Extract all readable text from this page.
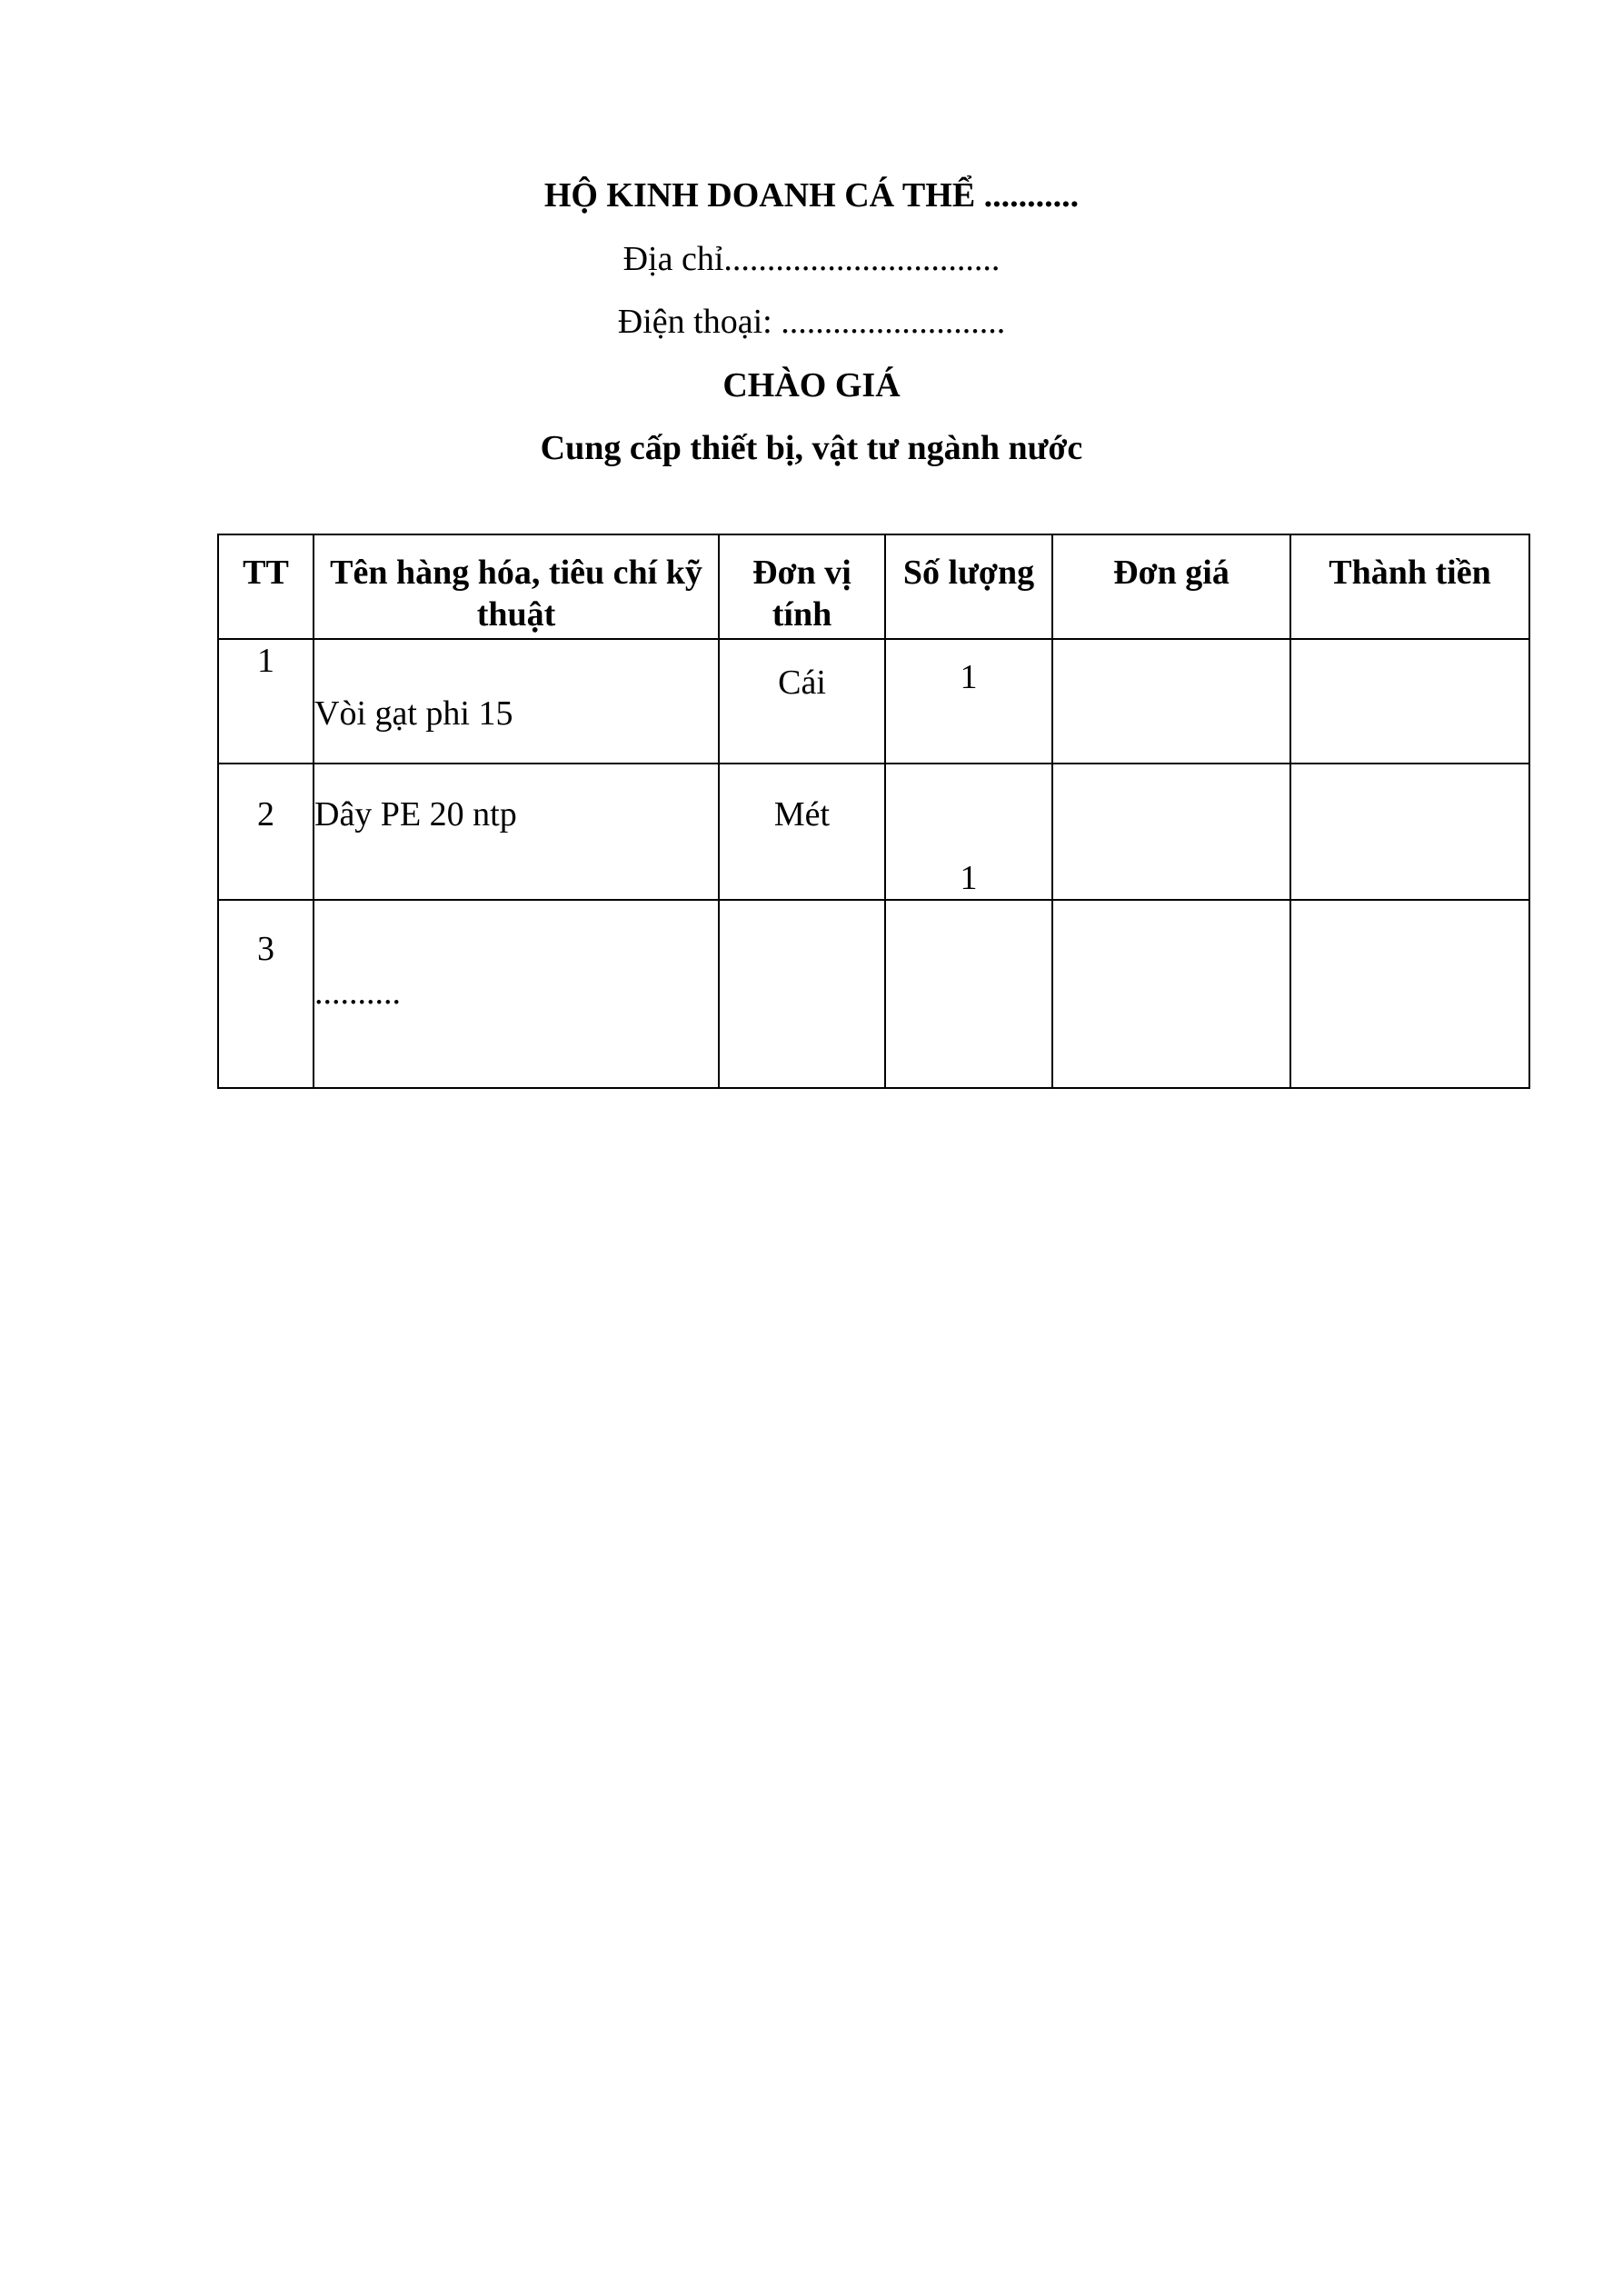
HỘ KINH DOANH CÁ THỂ ...........
Địa chỉ................................
Điện thoại: ..........................
CHÀO GIÁ
Cung cấp thiết bị, vật tư ngành nước
TT	Tên hàng hóa, tiêu chí kỹ thuật	Đơn vị tính	Số lượng	Đơn giá	Thành tiền
1	Vòi gạt phi 15	Cái	1		
2	Dây PE 20 ntp	Mét	1		
3	..........				
